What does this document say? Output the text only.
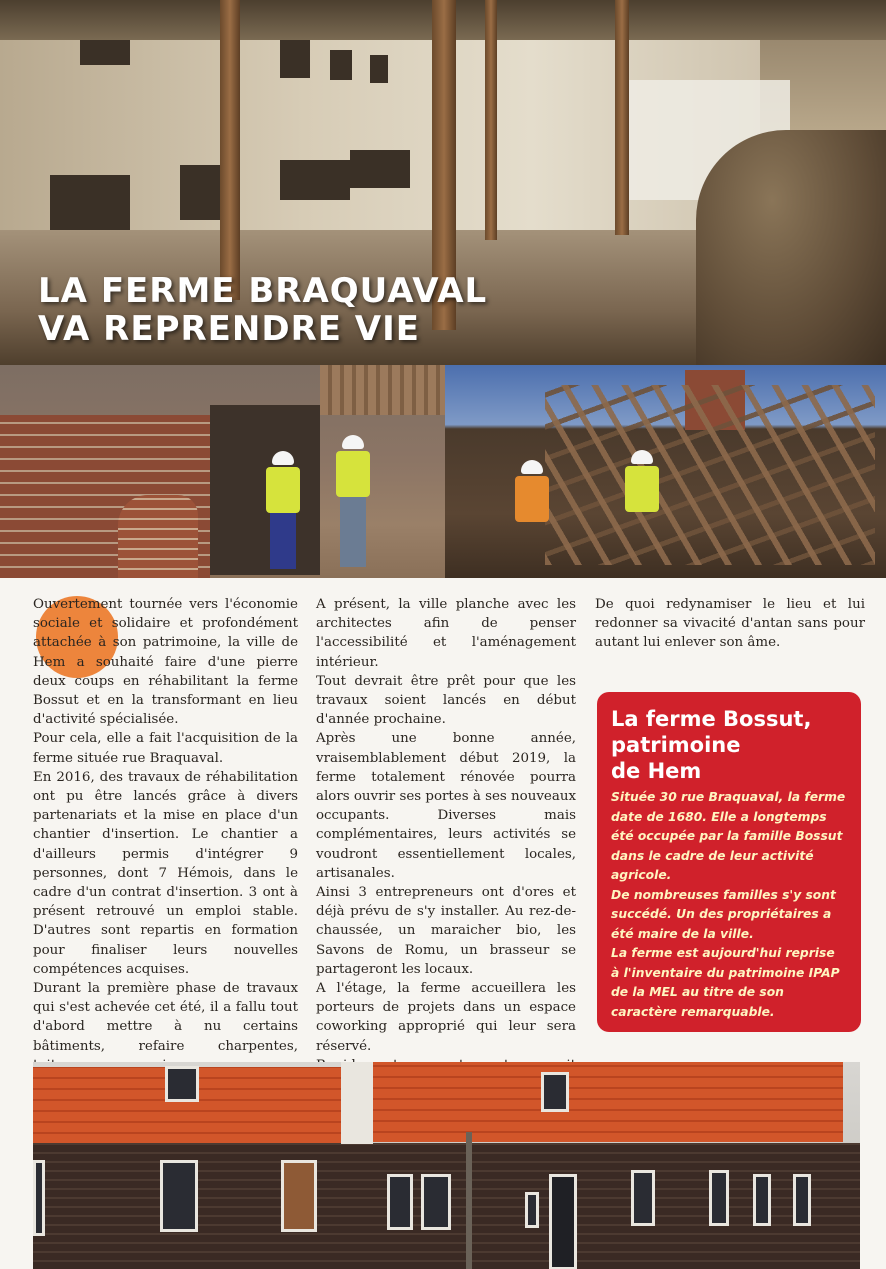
LA FERME BRAQUAVAL
VA REPRENDRE VIE

Ouvertement tournée vers l'économie sociale et solidaire et profondément attachée à son patrimoine, la ville de Hem a souhaité faire d'une pierre deux coups en réhabilitant la ferme Bossut et en la transformant en lieu d'activité spécialisée.

Pour cela, elle a fait l'acquisition de la ferme située rue Braquaval.

En 2016, des travaux de réhabilitation ont pu être lancés grâce à divers partenariats et la mise en place d'un chantier d'insertion. Le chantier a d'ailleurs permis d'intégrer 9 personnes, dont 7 Hémois, dans le cadre d'un contrat d'insertion. 3 ont à présent retrouvé un emploi stable. D'autres sont repartis en formation pour finaliser leurs nouvelles compétences acquises.

Durant la première phase de travaux qui s'est achevée cet été, il a fallu tout d'abord mettre à nu certains bâtiments, refaire charpentes,

A présent, la ville planche avec les architectes afin de penser l'accessibilité et l'aménagement intérieur.

Tout devrait être prêt pour que les travaux soient lancés en début d'année prochaine.

Après une bonne année, vraisemblablement début 2019, la ferme totalement rénovée pourra alors ouvrir ses portes à ses nouveaux occupants. Diverses mais complémentaires, leurs activités se voudront essentiellement locales, artisanales.

Ainsi 3 entrepreneurs ont d'ores et déjà prévu de s'y installer. Au rez-de-chaussée, un maraicher bio, les Savons de Romu, un brasseur se partageront les locaux.

A l'étage, la ferme accueillera les porteurs de projets dans un espace coworking approprié qui leur sera réservé.

De quoi redynamiser le lieu et lui redonner sa vivacité d'antan sans pour autant lui enlever son âme.

La ferme Bossut,
patrimoine
de Hem

Située 30 rue Braquaval, la ferme date de 1680. Elle a longtemps été occupée par la famille Bossut dans le cadre de leur activité agricole.

De nombreuses familles s'y sont succédé. Un des propriétaires a été maire de la ville.

La ferme est aujourd'hui reprise à l'inventaire du patrimoine IPAP de la MEL au titre de son caractère remarquable.
